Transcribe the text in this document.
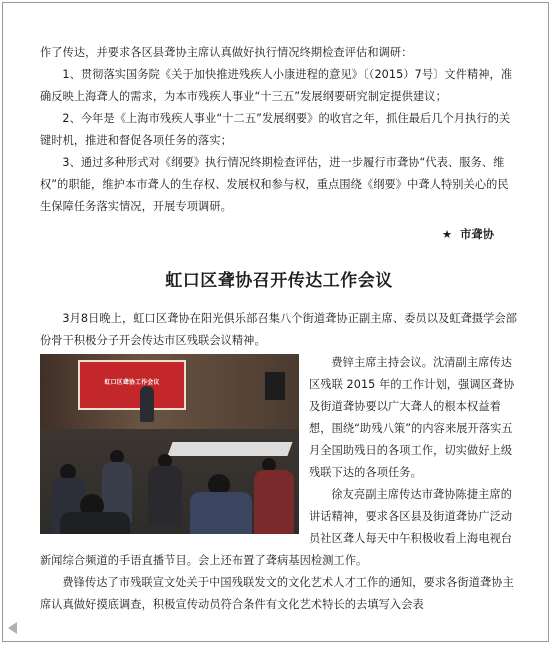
作了传达，并要求各区县聋协主席认真做好执行情况终期检查评估和调研：

1、贯彻落实国务院《关于加快推进残疾人小康进程的意见》〔（2015）7号〕文件精神，准确反映上海聋人的需求，为本市残疾人事业“十三五”发展纲要研究制定提供建议；

2、今年是《上海市残疾人事业“十二五”发展纲要》的收官之年，抓住最后几个月执行的关键时机，推进和督促各项任务的落实；

3、通过多种形式对《纲要》执行情况终期检查评估，进一步履行市聋协“代表、服务、维权”的职能，维护本市聋人的生存权、发展权和参与权，重点围绕《纲要》中聋人特别关心的民生保障任务落实情况，开展专项调研。

★ 市聋协

虹口区聋协召开传达工作会议

3月8日晚上，虹口区聋协在阳光俱乐部召集八个街道聋协正副主席、委员以及虹聋摄学会部份骨干积极分子开会传达市区残联会议精神。

虹口区聋协工作会议

费锌主席主持会议。沈清副主席传达区残联 2015 年的工作计划，强调区聋协及街道聋协要以广大聋人的根本权益着想，围绕“助残八策”的内容来展开落实五月全国助残日的各项工作，切实做好上级残联下达的各项任务。

徐友亮副主席传达市聋协陈捷主席的讲话精神，要求各区县及街道聋协广泛动员社区聋人每天中午积极收看上海电视台新闻综合频道的手语直播节目。会上还布置了聋病基因检测工作。

费锋传达了市残联宣文处关于中国残联发文的文化艺术人才工作的通知，要求各街道聋协主席认真做好摸底调查，积极宣传动员符合条件有文化艺术特长的去填写入会表
